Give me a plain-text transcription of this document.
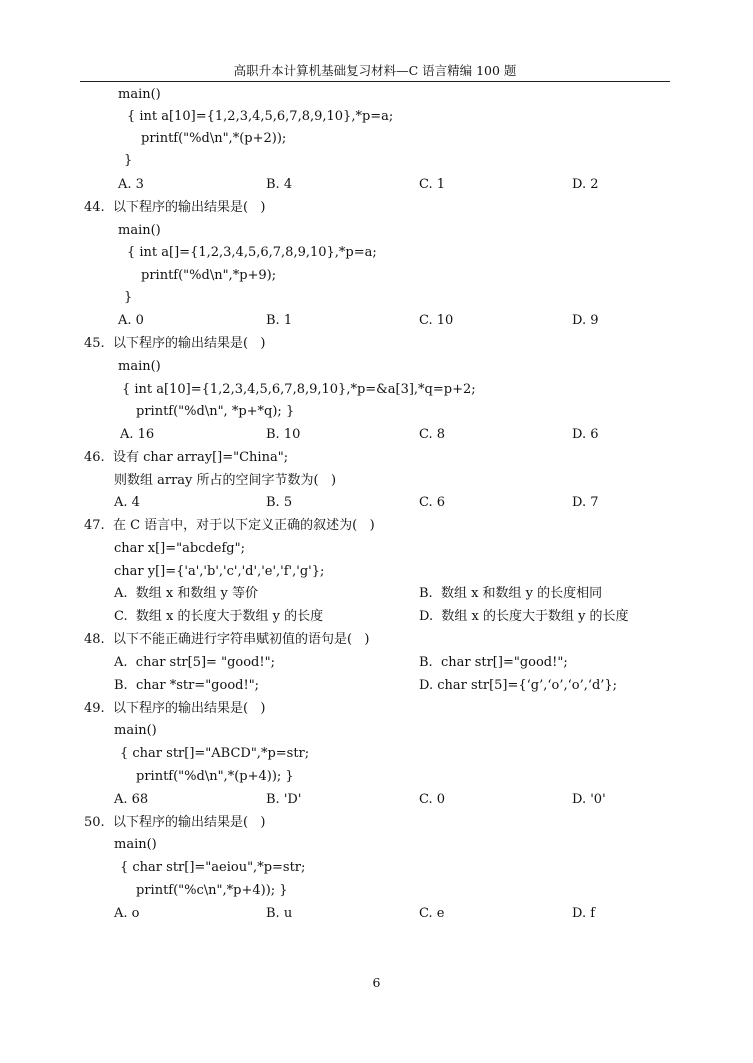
高职升本计算机基础复习材料—C 语言精编 100 题
main()
{ int a[10]={1,2,3,4,5,6,7,8,9,10},*p=a;
printf("%d\n",*(p+2));
}
A. 3	B. 4	C. 1	D. 2
44.  以下程序的输出结果是(   )
main()
{ int a[]={1,2,3,4,5,6,7,8,9,10},*p=a;
printf("%d\n",*p+9);
}
A. 0	B. 1	C. 10	D. 9
45.  以下程序的输出结果是(   )
main()
{ int a[10]={1,2,3,4,5,6,7,8,9,10},*p=&a[3],*q=p+2;
printf("%d\n", *p+*q); }
A. 16	B. 10	C. 8	D. 6
46.  设有 char array[]="China";
则数组 array 所占的空间字节数为(   )
A. 4	B. 5	C. 6	D. 7
47.  在 C 语言中，对于以下定义正确的叙述为(   )
char x[]="abcdefg";
char y[]={'a','b','c','d','e','f','g'};
A.  数组 x 和数组 y 等价	B.  数组 x 和数组 y 的长度相同
C.  数组 x 的长度大于数组 y 的长度	D.  数组 x 的长度大于数组 y 的长度
48.  以下不能正确进行字符串赋初值的语句是(   )
A.  char str[5]= "good!";	B.  char str[]="good!";
B.  char *str="good!";	D. char str[5]={‘g’,‘o’,‘o’,‘d’};
49.  以下程序的输出结果是(   )
main()
{ char str[]="ABCD",*p=str;
printf("%d\n",*(p+4)); }
A. 68	B. 'D'	C. 0	D. '0'
50.  以下程序的输出结果是(   )
main()
{ char str[]="aeiou",*p=str;
printf("%c\n",*p+4)); }
A. o	B. u	C. e	D. f
6
